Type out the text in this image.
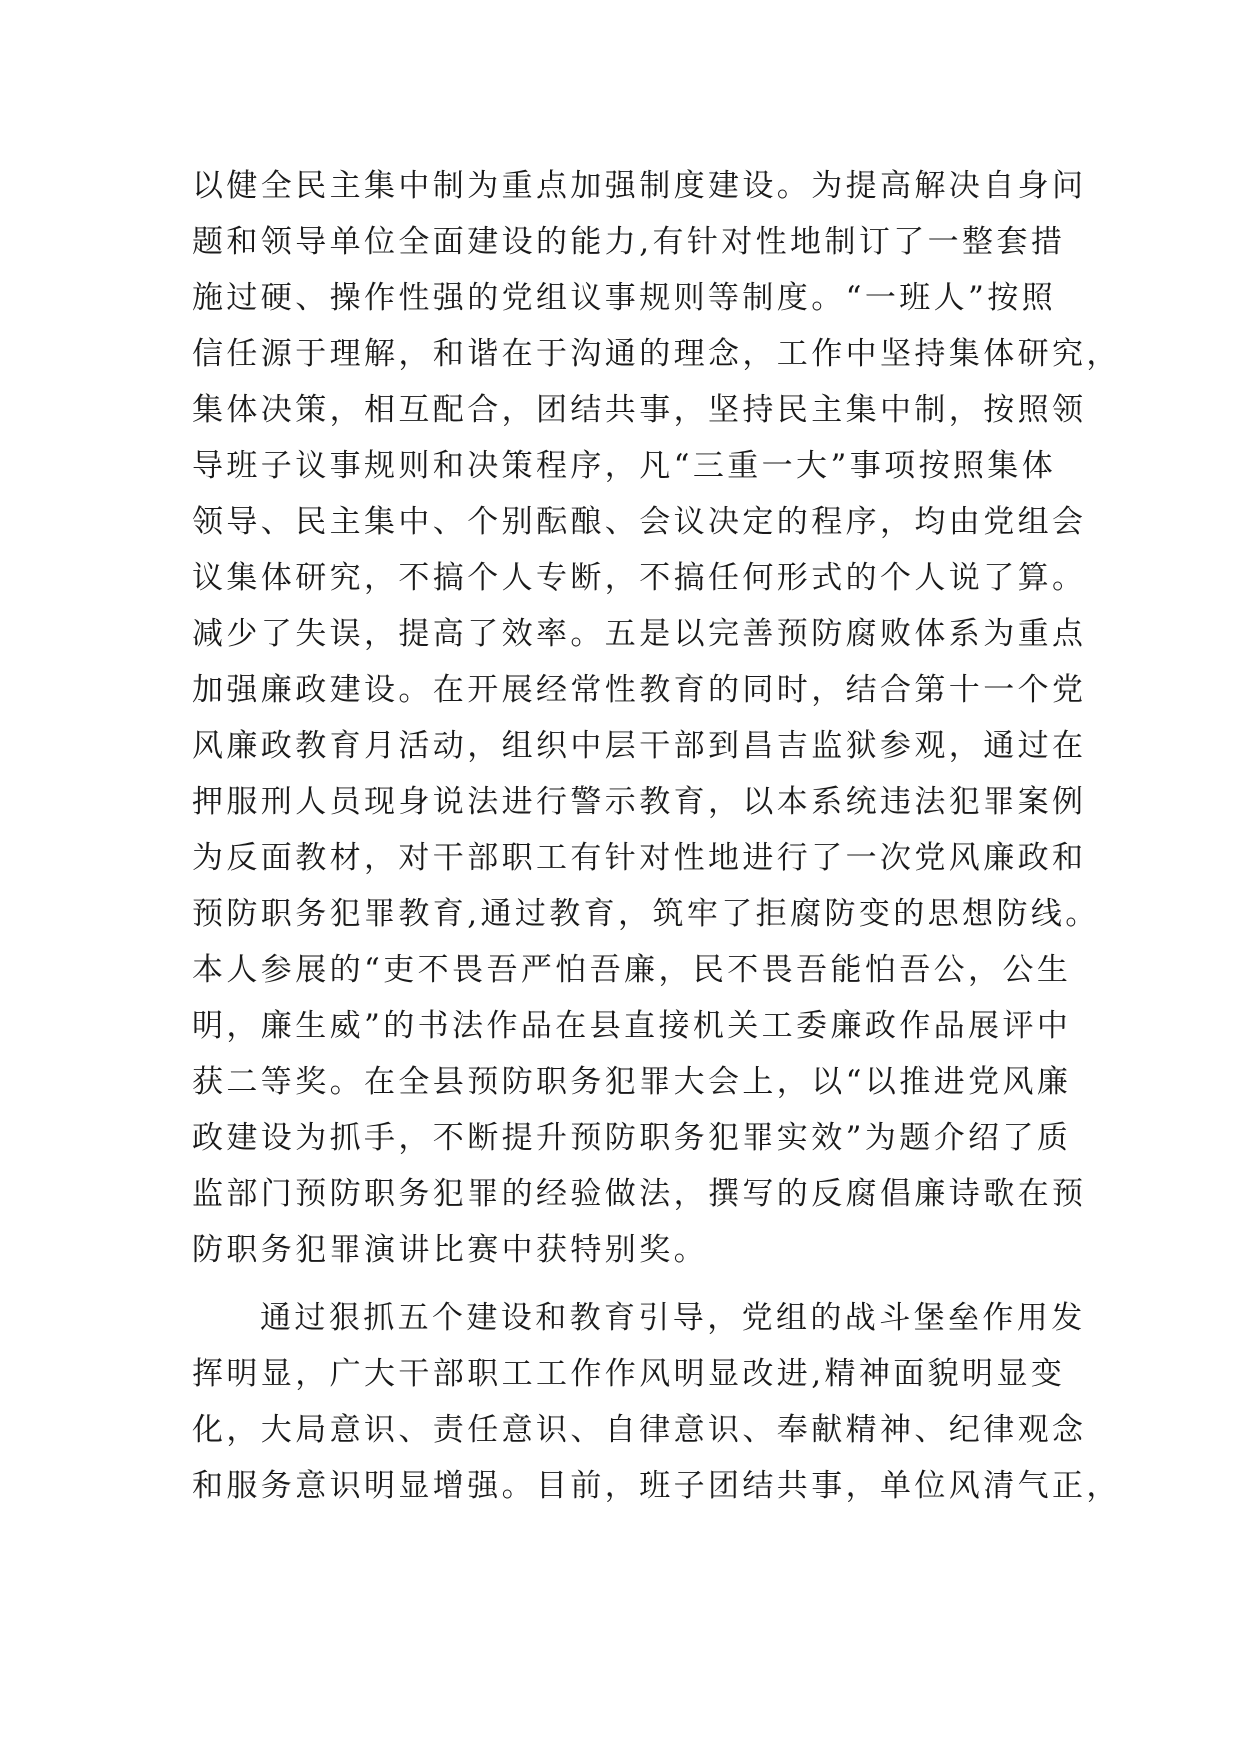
以健全民主集中制为重点加强制度建设。为提高解决自身问
题和领导单位全面建设的能力,有针对性地制订了一整套措
施过硬、操作性强的党组议事规则等制度。“一班人”按照
信任源于理解，和谐在于沟通的理念，工作中坚持集体研究，
集体决策，相互配合，团结共事，坚持民主集中制，按照领
导班子议事规则和决策程序，凡“三重一大”事项按照集体
领导、民主集中、个别酝酿、会议决定的程序，均由党组会
议集体研究，不搞个人专断，不搞任何形式的个人说了算。
减少了失误，提高了效率。五是以完善预防腐败体系为重点
加强廉政建设。在开展经常性教育的同时，结合第十一个党
风廉政教育月活动，组织中层干部到昌吉监狱参观，通过在
押服刑人员现身说法进行警示教育，以本系统违法犯罪案例
为反面教材，对干部职工有针对性地进行了一次党风廉政和
预防职务犯罪教育,通过教育，筑牢了拒腐防变的思想防线。
本人参展的“吏不畏吾严怕吾廉，民不畏吾能怕吾公，公生
明，廉生威”的书法作品在县直接机关工委廉政作品展评中
获二等奖。在全县预防职务犯罪大会上，以“以推进党风廉
政建设为抓手，不断提升预防职务犯罪实效”为题介绍了质
监部门预防职务犯罪的经验做法，撰写的反腐倡廉诗歌在预
防职务犯罪演讲比赛中获特别奖。
通过狠抓五个建设和教育引导，党组的战斗堡垒作用发
挥明显，广大干部职工工作作风明显改进,精神面貌明显变
化，大局意识、责任意识、自律意识、奉献精神、纪律观念
和服务意识明显增强。目前，班子团结共事，单位风清气正，
